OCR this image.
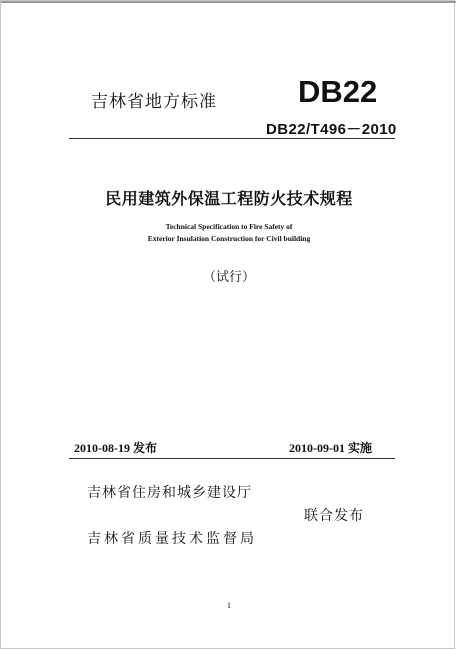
吉林省地方标准	DB22
DB22/T496－2010
民用建筑外保温工程防火技术规程
Technical Specification to Fire Safety of
Exterior Insulation Construction for Civil building
（试行）
2010-08-19 发布	2010-09-01 实施
吉林省住房和城乡建设厅
吉林省质量技术监督局
联合发布
1
